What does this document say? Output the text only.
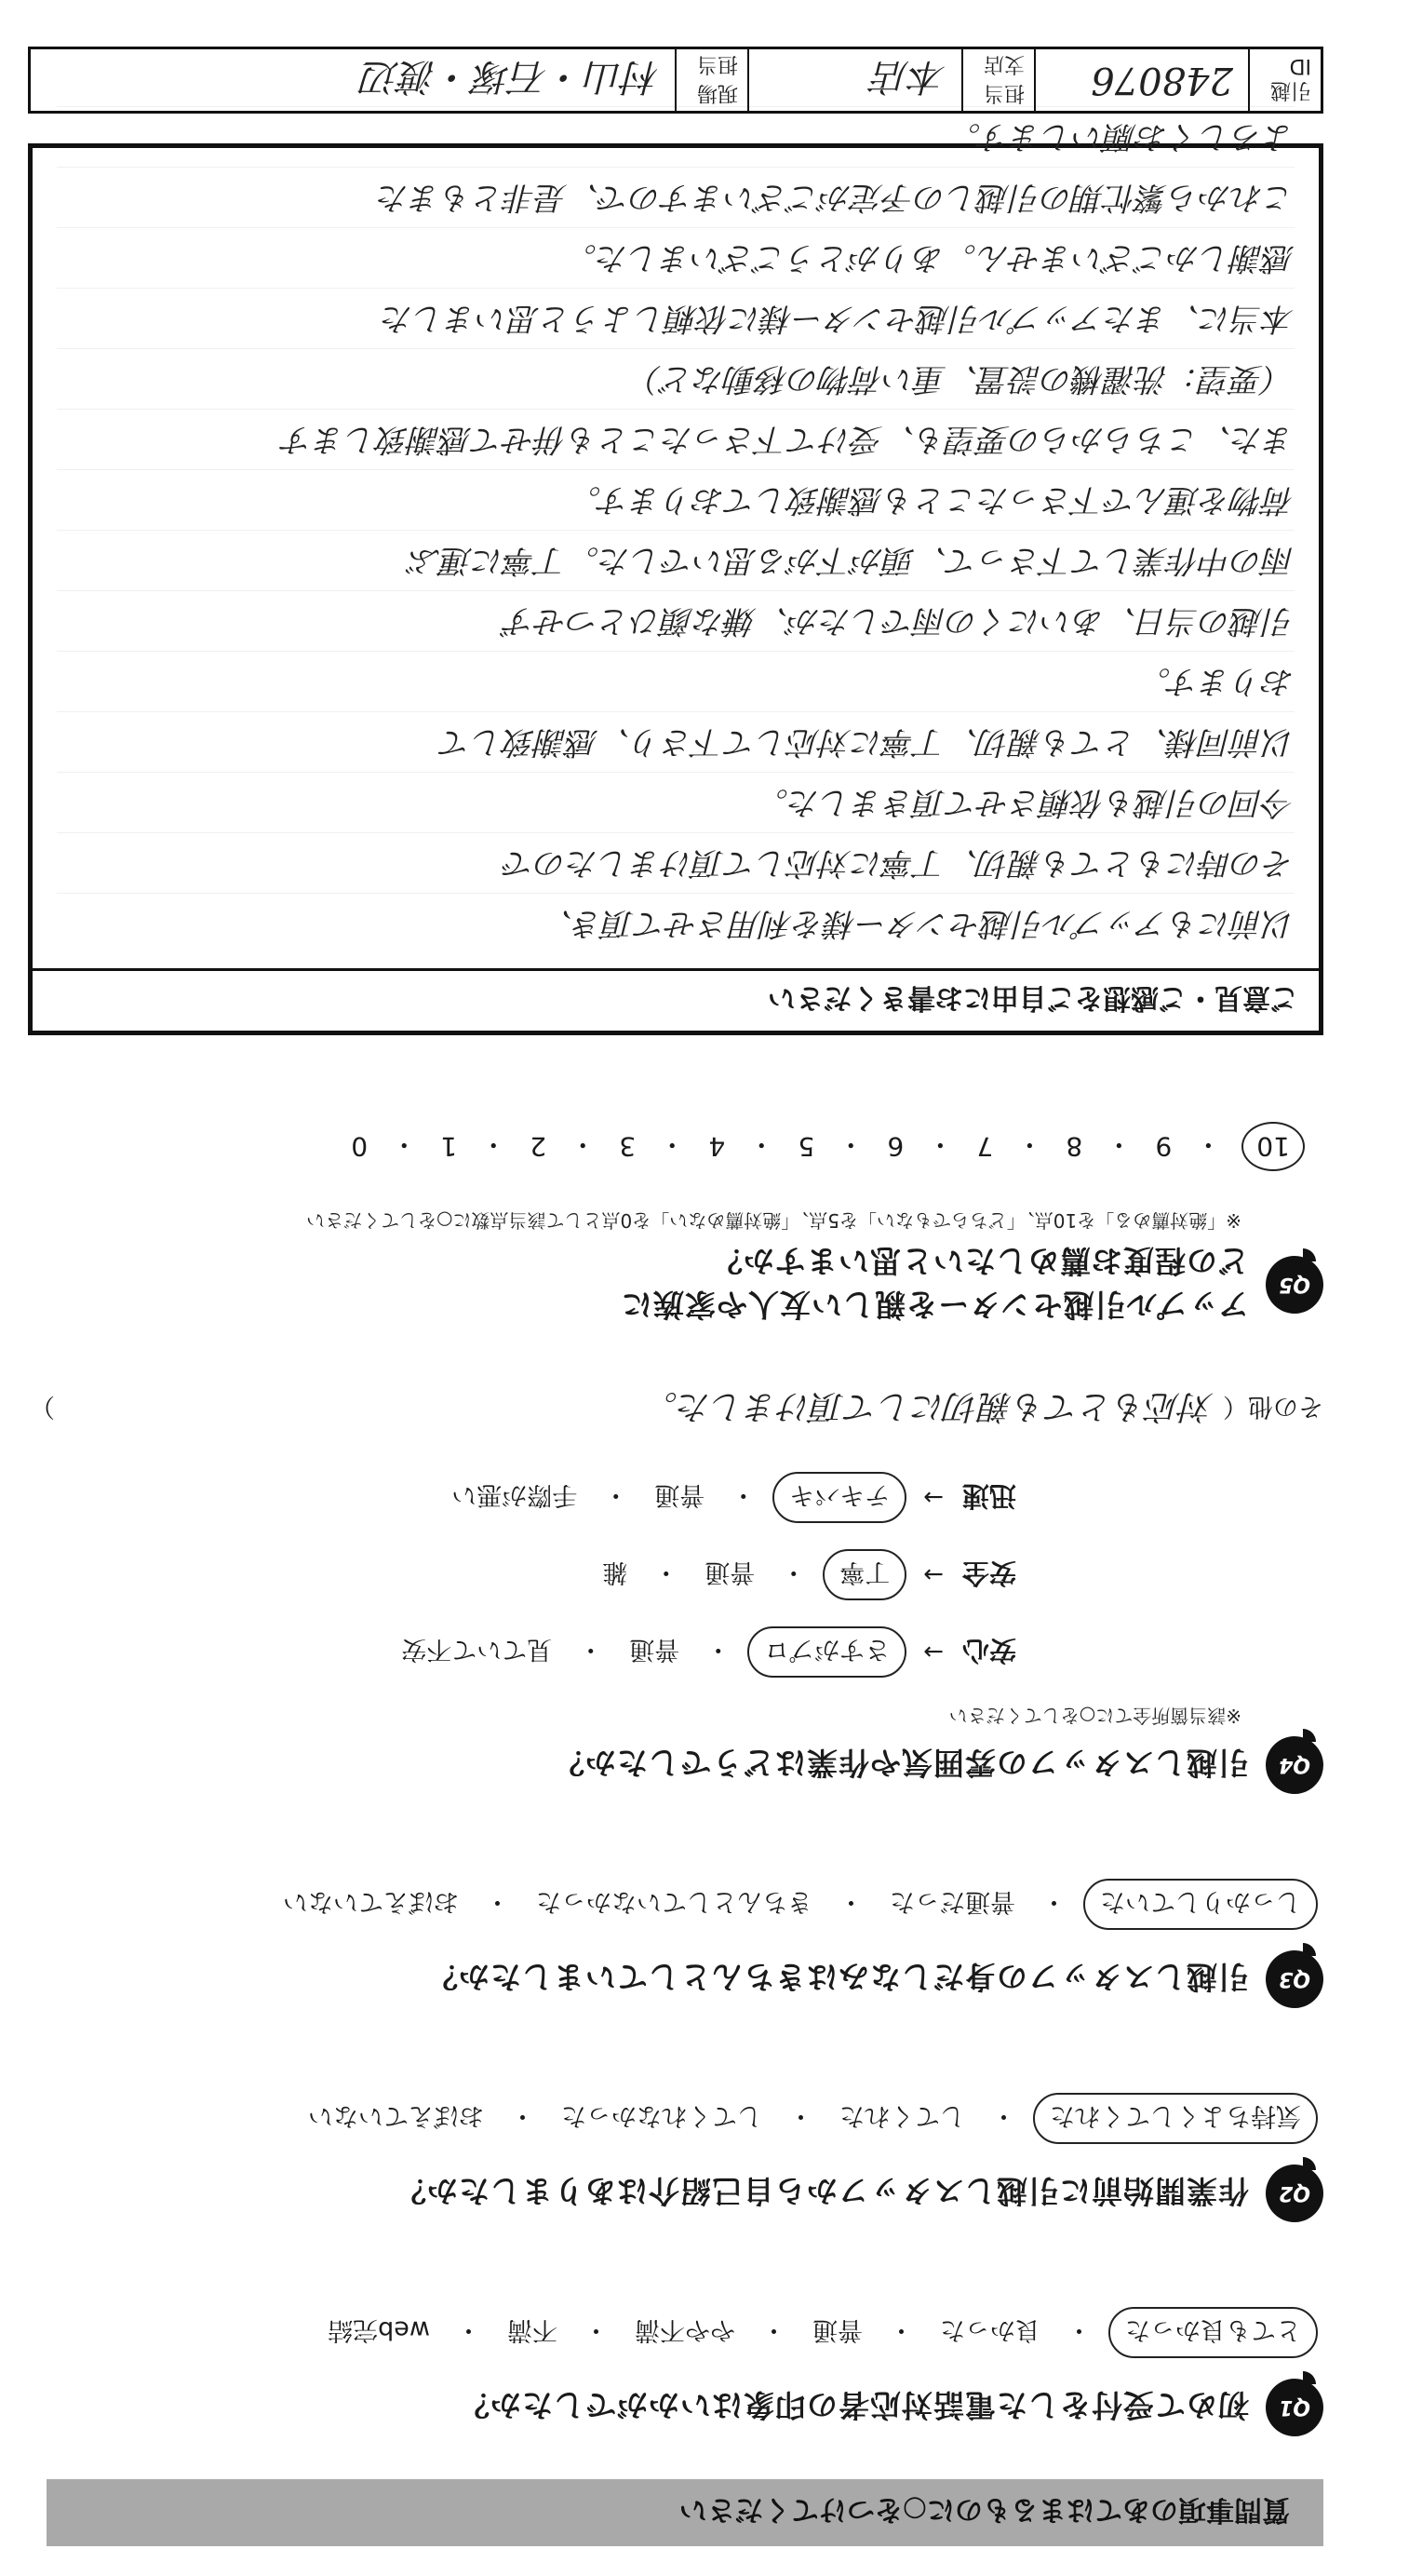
質問事項のあてはまるものに○をつけてください
Q1
初めて受付をした電話対応者の印象はいかがでしたか？
とても良かった
・
良かった
・
普通
・
やや不満
・
不満
・
web完結
Q2
作業開始前に引越しスタッフから自己紹介はありましたか？
気持ちよくしてくれた
・
してくれた
・
してくれなかった
・
おぼえていない
Q3
引越しスタッフの身だしなみはきちんとしていましたか？
しっかりしていた
・
普通だった
・
きちんとしていなかった
・
おぼえていない
Q4
引越しスタッフの雰囲気や作業はどうでしたか？
※該当箇所全てに○をしてください
安心
→
さすがプロ
・
普通
・
見ていて不安
安全
→
丁寧
・
普通
・
雑
迅速
→
テキパキ
・
普通
・
手際が悪い
その他（
対応もとても親切にして頂けました。
）
Q5
アップル引越センターを親しい友人や家族に
どの程度お薦めしたいと思いますか？
※「絶対薦める」を10点、「どちらでもない」を5点、「絶対薦めない」を0点として該当点数に○をしてください
10
・
9
・
8
・
7
・
6
・
5
・
4
・
3
・
2
・
1
・
0
ご意見・ご感想をご自由にお書きください
以前にもアップル引越センター様を利用させて頂き、
その時にもとても親切、丁寧に対応して頂けましたので
今回の引越も依頼させて頂きました。
以前同様、とても親切、丁寧に対応して下さり、感謝致して
おります。
引越の当日、あいにくの雨でしたが、嫌な顔ひとつせず
雨の中作業して下さって、頭が下がる思いでした。丁寧に運ぶ
荷物を運んで下さったことも感謝致しております。
また、こちらからの要望も、受けて下さったことも併せて感謝致します
（要望：洗濯機の設置、重い荷物の移動など）
本当に、またアップル引越センター様に依頼しようと思いました
感謝しかございません。ありがとうございました。
これから繁忙期の引越しの予定がございますので、是非ともまた
よろしくお願いします。
引越ID
248076
担当支店
本店
現場担当
村山・石塚・渡辺
